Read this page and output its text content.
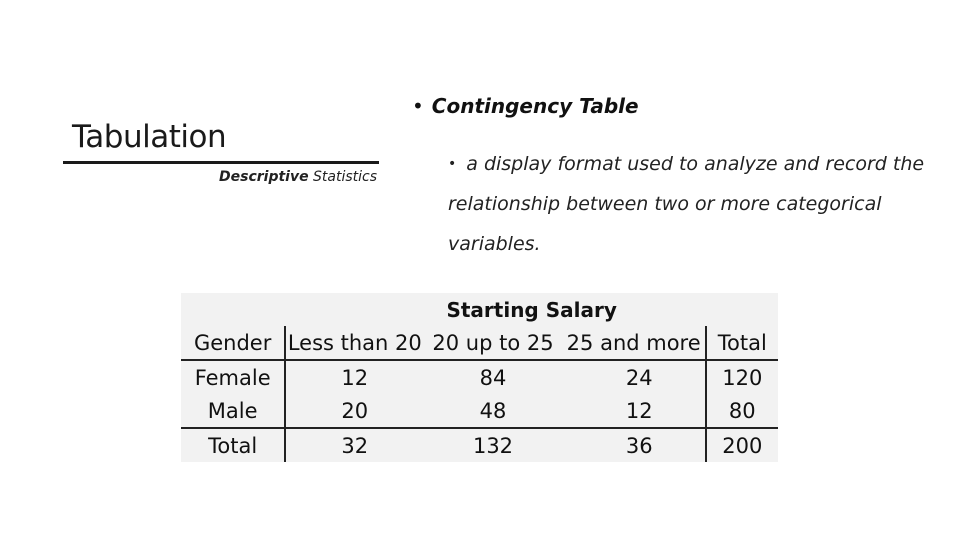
Tabulation
Descriptive Statistics
• Contingency Table
• a display format used to analyze and record the relationship between two or more categorical variables.
	Starting Salary			
Gender	Less than 20	20 up to 25	25 and more	Total
Female	12	84	24	120
Male	20	48	12	80
Total	32	132	36	200
